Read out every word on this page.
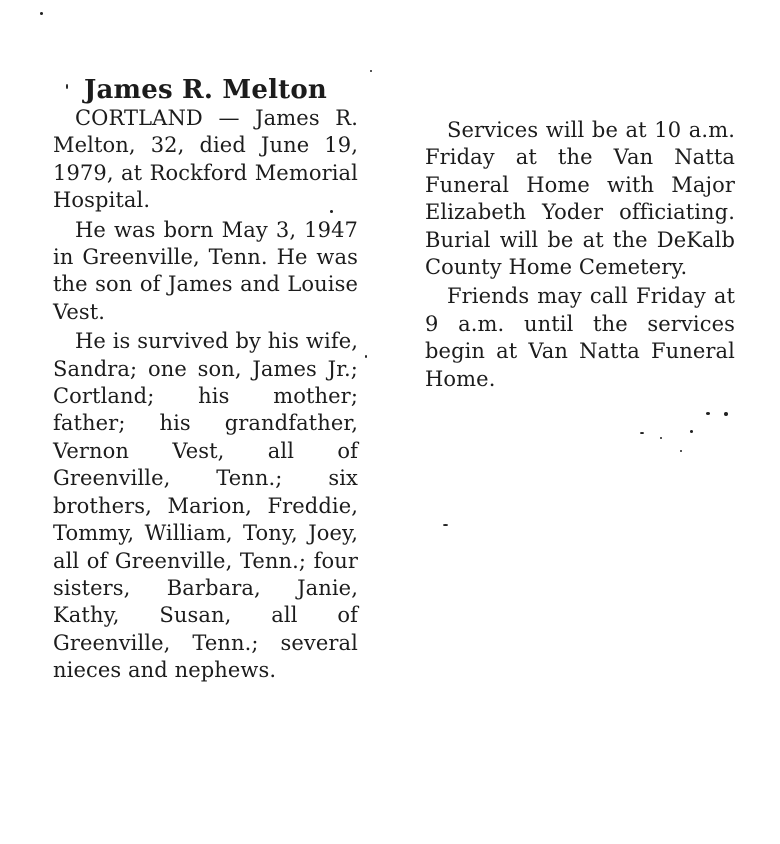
James R. Melton

CORTLAND — James R. Melton, 32, died June 19, 1979, at Rockford Memorial Hospital.

He was born May 3, 1947 in Greenville, Tenn. He was the son of James and Louise Vest.

He is survived by his wife, Sandra; one son, James Jr.; Cortland; his mother; father; his grandfather, Vernon Vest, all of Greenville, Tenn.; six brothers, Marion, Freddie, Tommy, William, Tony, Joey, all of Greenville, Tenn.; four sisters, Barbara, Janie, Kathy, Susan, all of Greenville, Tenn.; several nieces and nephews.

Services will be at 10 a.m. Friday at the Van Natta Funeral Home with Major Elizabeth Yoder officiating. Burial will be at the DeKalb County Home Cemetery.

Friends may call Friday at 9 a.m. until the services begin at Van Natta Funeral Home.
